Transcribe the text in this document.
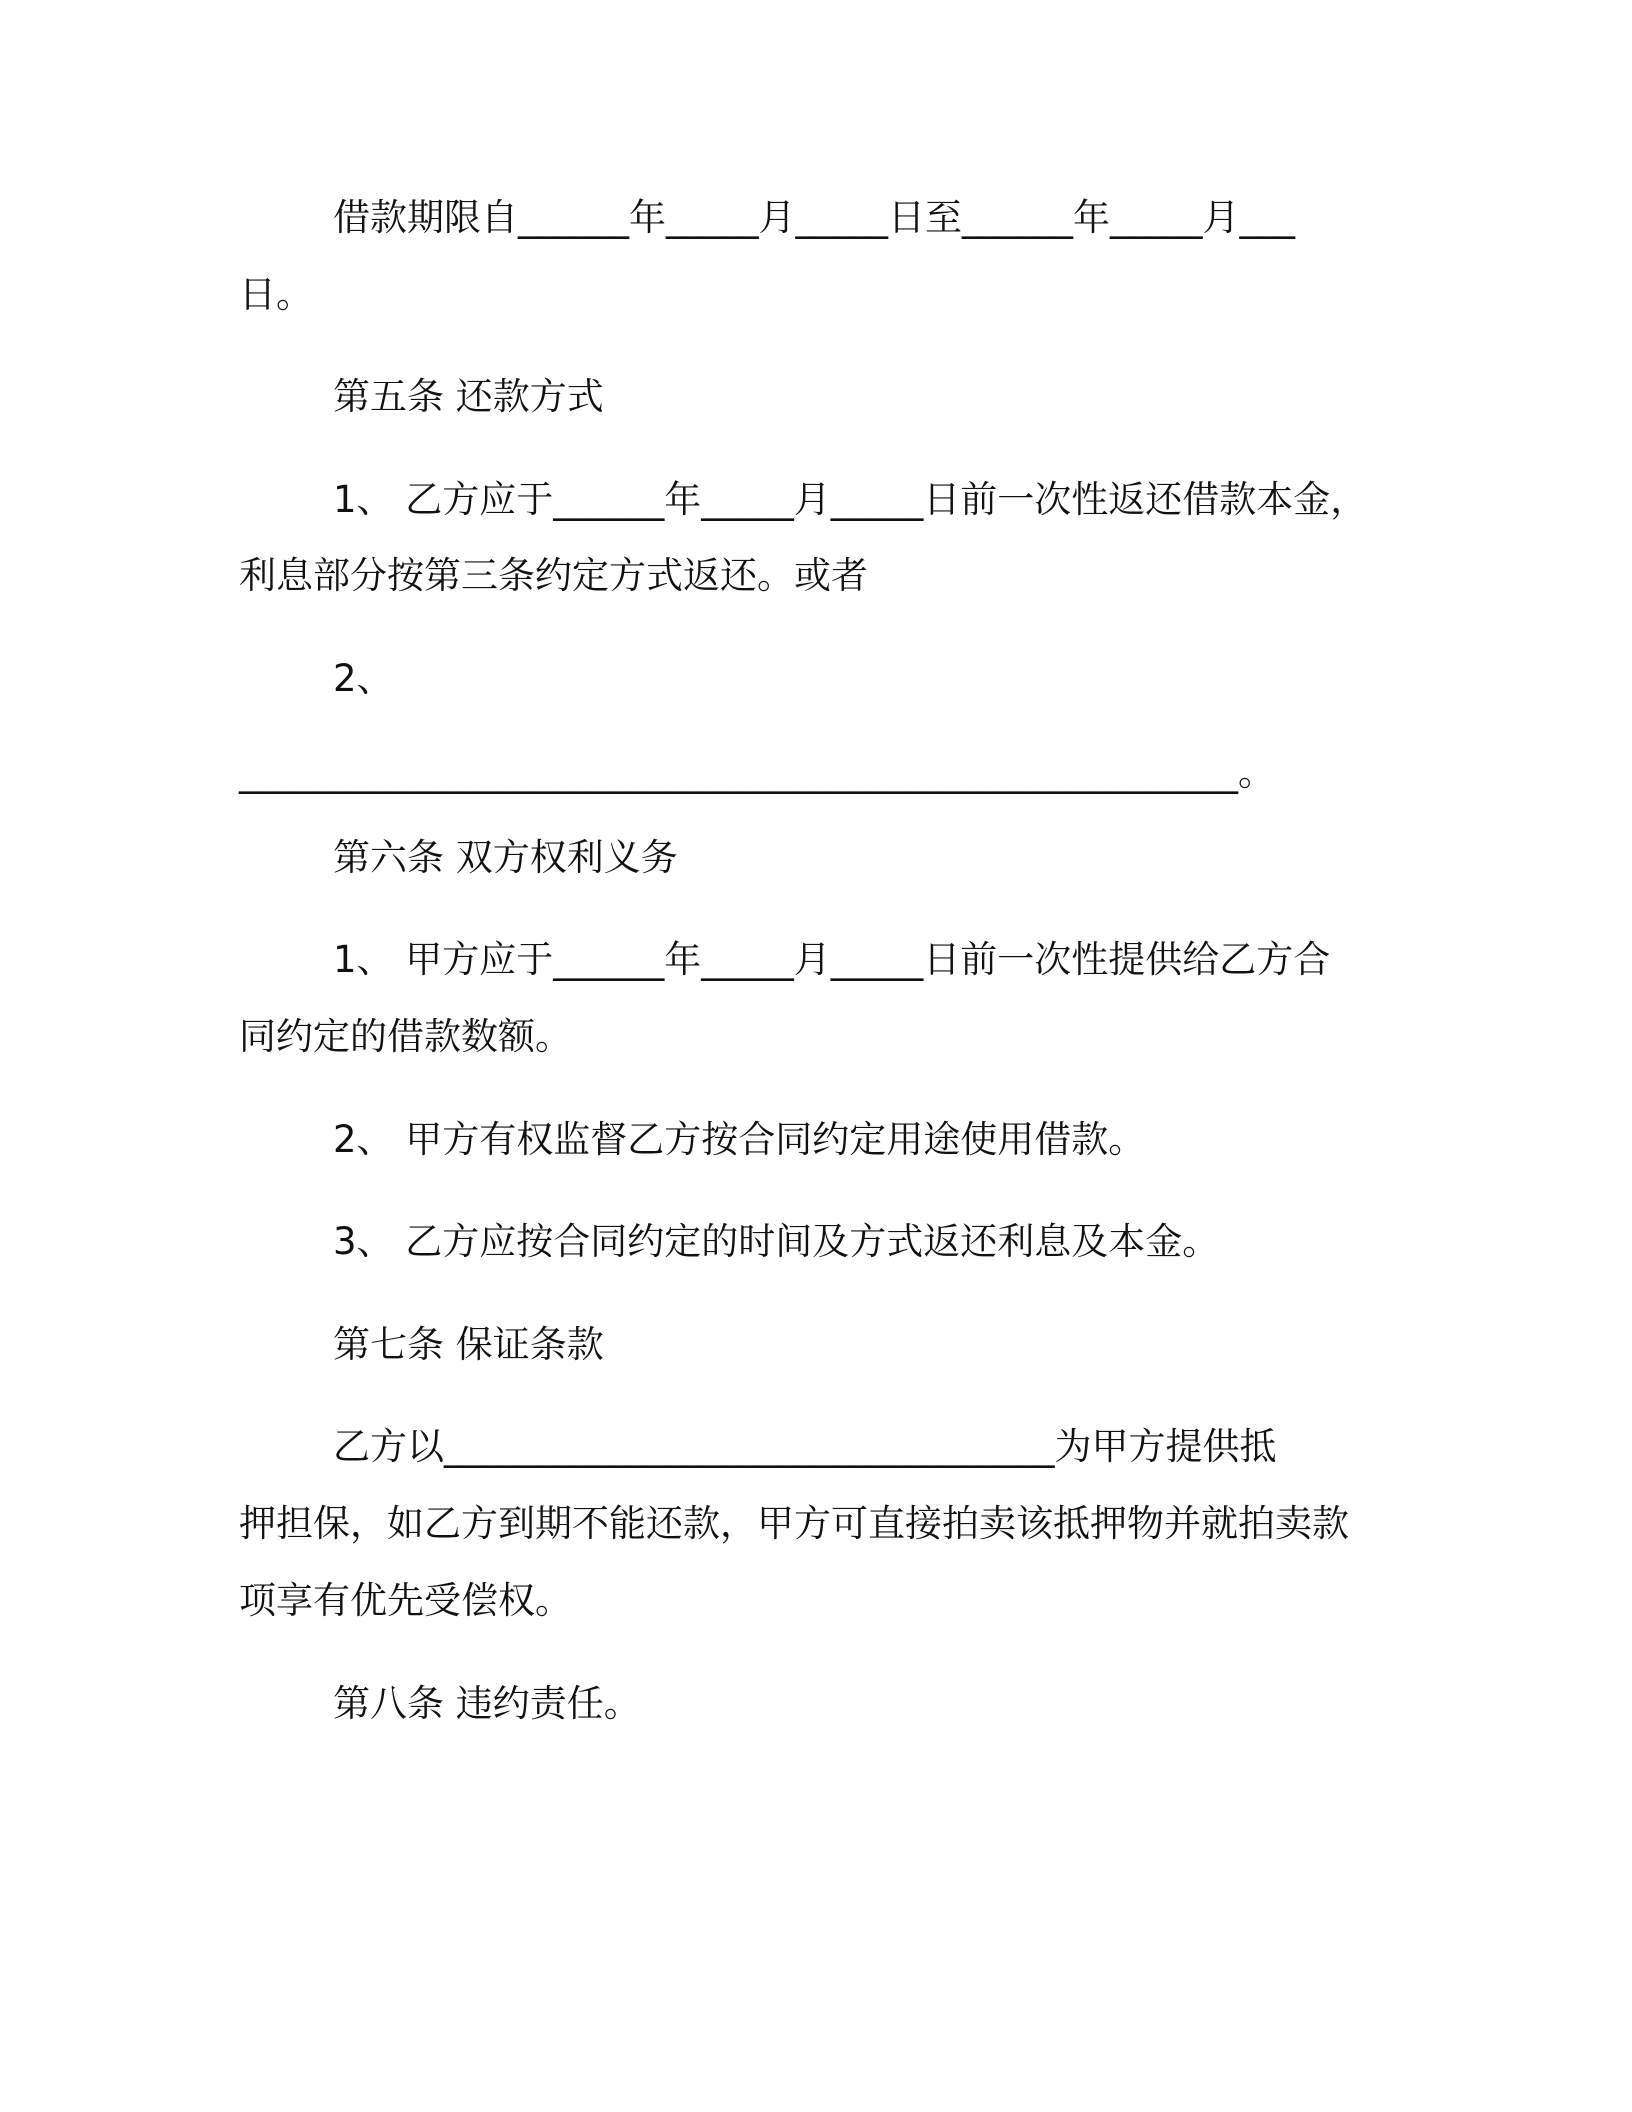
借款期限自______年_____月_____日至______年_____月___
日。
第五条 还款方式
1、 乙方应于______年_____月_____日前一次性返还借款本金，
利息部分按第三条约定方式返还。或者
2、
______________________________________________________。
第六条 双方权利义务
1、 甲方应于______年_____月_____日前一次性提供给乙方合
同约定的借款数额。
2、 甲方有权监督乙方按合同约定用途使用借款。
3、 乙方应按合同约定的时间及方式返还利息及本金。
第七条 保证条款
乙方以_________________________________为甲方提供抵
押担保，如乙方到期不能还款，甲方可直接拍卖该抵押物并就拍卖款
项享有优先受偿权。
第八条 违约责任。
